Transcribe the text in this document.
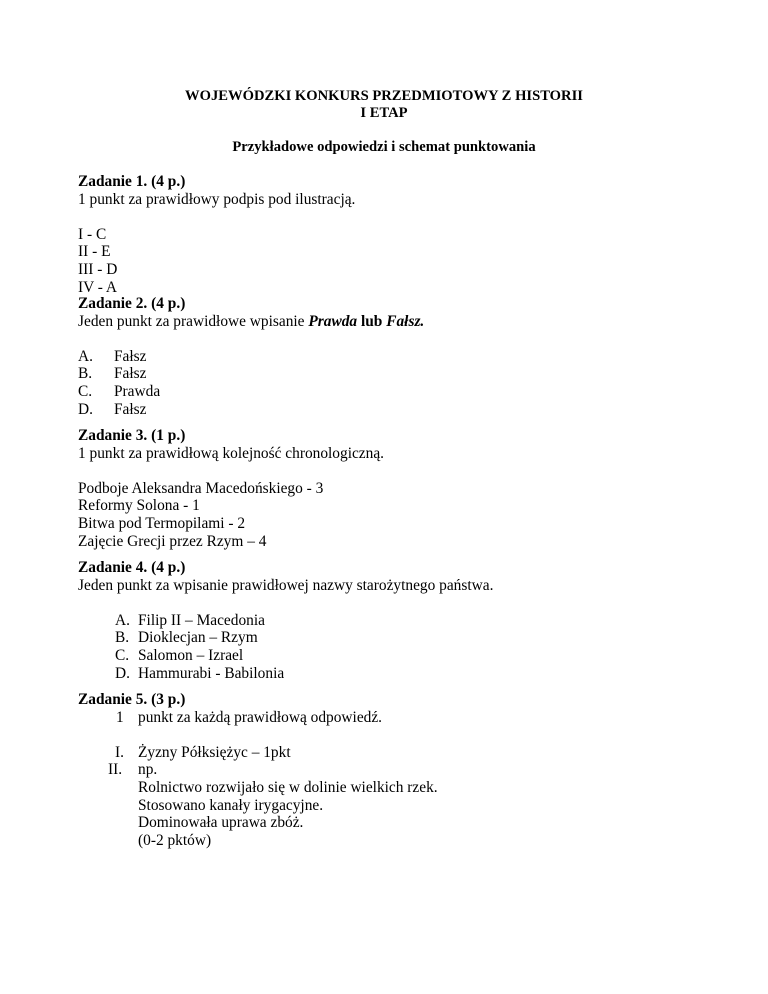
WOJEWÓDZKI KONKURS PRZEDMIOTOWY Z HISTORII
I ETAP
Przykładowe odpowiedzi i schemat punktowania
Zadanie 1. (4 p.)
1 punkt za prawidłowy podpis pod ilustracją.
I - C
II - E
III - D
IV - A
Zadanie 2. (4 p.)
Jeden punkt za prawidłowe wpisanie Prawda lub Fałsz.
A. Fałsz
B. Fałsz
C. Prawda
D. Fałsz
Zadanie 3. (1 p.)
1 punkt za prawidłową kolejność chronologiczną.
Podboje Aleksandra Macedońskiego - 3
Reformy Solona - 1
Bitwa pod Termopilami - 2
Zajęcie Grecji przez Rzym – 4
Zadanie 4. (4 p.)
Jeden punkt za wpisanie prawidłowej nazwy starożytnego państwa.
A. Filip II – Macedonia
B. Dioklecjan – Rzym
C. Salomon – Izrael
D. Hammurabi - Babilonia
Zadanie 5. (3 p.)
1 punkt za każdą prawidłową odpowiedź.
I. Żyzny Półksiężyc – 1pkt
II. np.
Rolnictwo rozwijało się w dolinie wielkich rzek.
Stosowano kanały irygacyjne.
Dominowała uprawa zbóż.
(0-2 pktów)
